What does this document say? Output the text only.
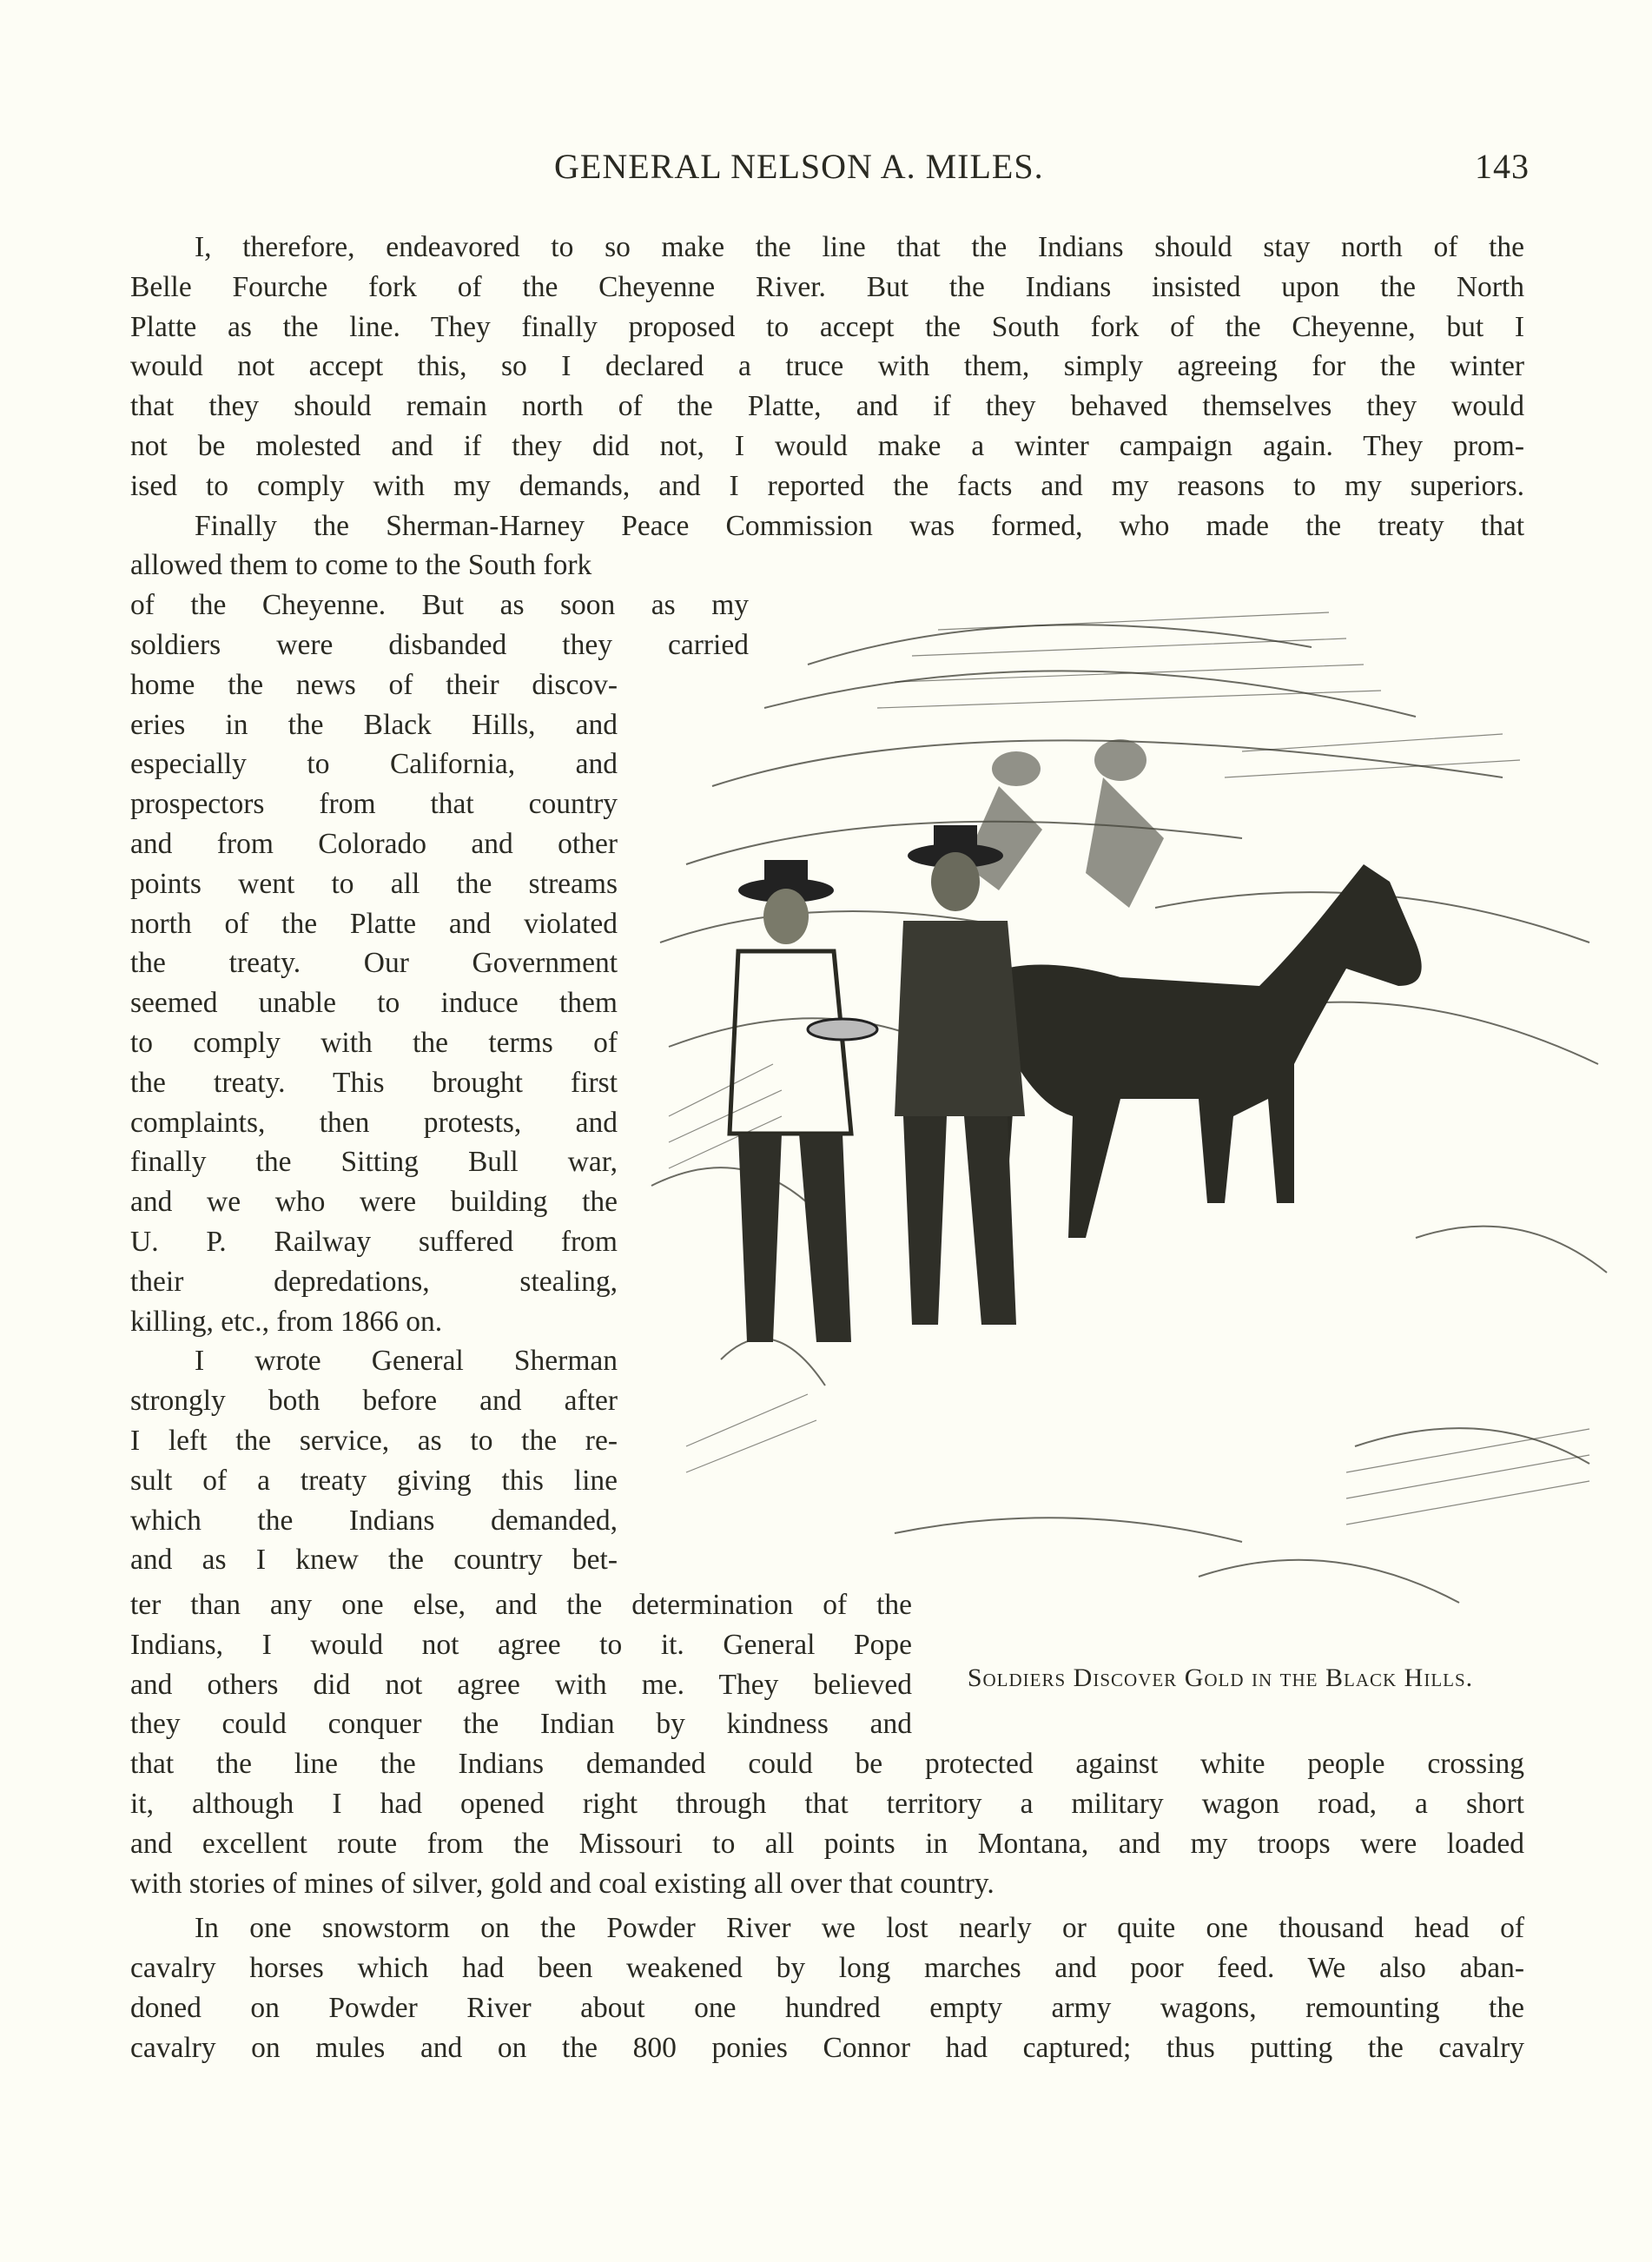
GENERAL NELSON A. MILES.	143
I, therefore, endeavored to so make the line that the Indians should stay north of the
Belle Fourche fork of the Cheyenne River. But the Indians insisted upon the North
Platte as the line. They finally proposed to accept the South fork of the Cheyenne, but I
would not accept this, so I declared a truce with them, simply agreeing for the winter
that they should remain north of the Platte, and if they behaved themselves they would
not be molested and if they did not, I would make a winter campaign again. They prom-
ised to comply with my demands, and I reported the facts and my reasons to my superiors.
Finally the Sherman-Harney Peace Commission was formed, who made the treaty that
allowed them to come to the South fork
of the Cheyenne. But as soon as my
soldiers were disbanded they carried
home the news of their discov-
eries in the Black Hills, and
especially to California, and
prospectors from that country
and from Colorado and other
points went to all the streams
north of the Platte and violated
the treaty. Our Government
seemed unable to induce them
to comply with the terms of
the treaty. This brought first
complaints, then protests, and
finally the Sitting Bull war,
and we who were building the
U. P. Railway suffered from
their depredations, stealing,
killing, etc., from 1866 on.
I wrote General Sherman
strongly both before and after
I left the service, as to the re-
sult of a treaty giving this line
which the Indians demanded,
and as I knew the country bet-
ter than any one else, and the determination of the
Indians, I would not agree to it. General Pope
and others did not agree with me. They believed
they could conquer the Indian by kindness and
that the line the Indians demanded could be protected against white people crossing
it, although I had opened right through that territory a military wagon road, a short
and excellent route from the Missouri to all points in Montana, and my troops were loaded
with stories of mines of silver, gold and coal existing all over that country.
In one snowstorm on the Powder River we lost nearly or quite one thousand head of
cavalry horses which had been weakened by long marches and poor feed. We also aban-
doned on Powder River about one hundred empty army wagons, remounting the
cavalry on mules and on the 800 ponies Connor had captured; thus putting the cavalry
Soldiers Discover Gold in the Black Hills.
